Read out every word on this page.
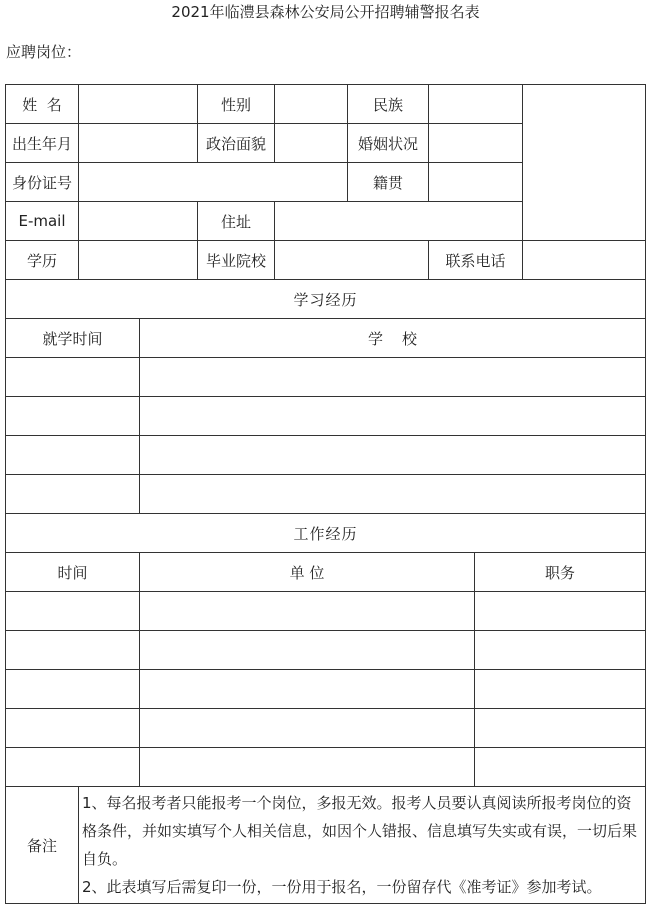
2021年临澧县森林公安局公开招聘辅警报名表
应聘岗位：
姓  名			性别		民族			
出生年月			政治面貌		婚姻状况			
身份证号					籍贯			
E-mail			住址					
学历			毕业院校			联系电话		
学习经历								
就学时间		学    校						

工作经历								
时间		单 位					职务	

备注	1、每名报考者只能报考一个岗位，多报无效。报考人员要认真阅读所报考岗位的资格条件，并如实填写个人相关信息，如因个人错报、信息填写失实或有误，一切后果自负。

2、此表填写后需复印一份，一份用于报名，一份留存代《准考证》参加考试。							
